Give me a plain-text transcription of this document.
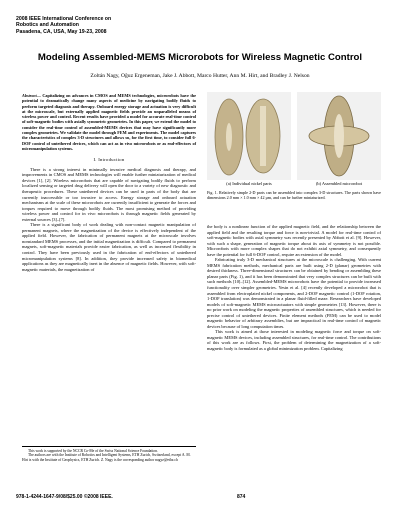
2008 IEEE International Conference on
Robotics and Automation
Pasadena, CA, USA, May 19-23, 2008
Modeling Assembled-MEMS Microrobots for Wireless Magnetic Control
Zoltán Nagy, Oğuz Ergeneman, Jake J. Abbott, Marco Hutter, Ann M. Hirt, and Bradley J. Nelson
Abstract— Capitalizing on advances in CMOS and MEMS technologies, microrobots have the potential to dramatically change many aspects of medicine by navigating bodily fluids to perform targeted diagnosis and therapy. Onboard energy storage and actuation is very difficult at the microscale, but externally applied magnetic fields provide an unparalleled means of wireless power and control. Recent results have provided a model for accurate real-time control of soft-magnetic bodies with axially symmetric geometries. In this paper, we extend the model to consider the real-time control of assembled-MEMS devices that may have significantly more complex geometries. We validate the model through FEM and experiments. The model captures the characteristics of complex 3-D structures and allows us, for the first time, to consider full 6-DOF control of untethered devices, which can act as in vivo microrobots or as end-effectors of micromanipulation systems.
I. Introduction

There is a strong interest in minimally invasive medical diagnosis and therapy, and improvements in CMOS and MEMS technologies will enable further miniaturization of medical devices [1], [2]. Wireless microrobots that are capable of navigating bodily fluids to perform localized sensing or targeted drug delivery will open the door to a variety of new diagnostic and therapeutic procedures. These untethered devices can be used in parts of the body that are currently inaccessible or too invasive to access. Energy storage and onboard actuation mechanisms at the scale of these microrobots are currently insufficient to generate the forces and torques required to move through bodily fluids. The most promising method of providing wireless power and control for in vivo microrobots is through magnetic fields generated by external sources [3]–[7].

There is a significant body of work dealing with non-contact magnetic manipulation of permanent magnets, where the magnetization of the device is effectively independent of the applied field. However, the fabrication of permanent magnets at the microscale involves nonstandard MEMS processes, and the initial magnetization is difficult. Compared to permanent magnets, soft-magnetic materials provide easier fabrication, as well as increased flexibility in control. They have been previously used in the fabrication of end-effectors of untethered micromanipulation systems [8]. In addition, they provide increased safety in biomedical applications as they are magnetically inert in the absence of magnetic fields. However, with soft-magnetic materials, the magnetization of

This work is supported by the NCCR Co-Me of the Swiss National Science Foundation.

The authors are with the Institute of Robotics and Intelligent Systems, ETH Zurich, Switzerland, except A. M. Hirt is with the Institute of Geophysics, ETH Zurich. Z. Nagy is the corresponding author nagyz@ethz.ch

(a) Individual nickel parts	(b) Assembled microrobot
Fig. 1. Relatively simple 2-D parts can be assembled into complex 3-D structures. The parts shown have dimensions 2.0 mm × 1.0 mm × 42 µm, and can be further miniaturized.

the body is a nonlinear function of the applied magnetic field, and the relationship between the applied field and the resulting torque and force is non-trivial. A model for real-time control of soft-magnetic bodies with axial symmetry was recently presented by Abbott et al. [9]. However, with such a shape, generation of magnetic torque about its axis of symmetry is not possible. Microrobots with more complex shapes that do not exhibit axial symmetry, and consequently have the potential for full 6-DOF control, require an extension of the model.

Fabricating truly 3-D mechanical structures at the microscale is challenging. With current MEMS fabrication methods, mechanical parts are built using 2-D (planar) geometries with desired thickness. Three-dimensional structures can be obtained by bending or assembling these planar parts (Fig. 1), and it has been demonstrated that very complex structures can be built with such methods [10]–[12]. Assembled-MEMS microrobots have the potential to provide increased functionality over simpler geometries. Yesin et al. [4] recently developed a microrobot that is assembled from electroplated nickel components, and 2-DOF magnetic control (1-DOF rotation, 1-DOF translation) was demonstrated in a planar fluid-filled maze. Researchers have developed models of soft-magnetic MEMS microactuators with simple geometries [13]. However, there is no prior work on modeling the magnetic properties of assembled structures, which is needed for precise control of untethered devices. Finite element methods (FEM) can be used to model magnetic behavior of arbitrary assemblies, but are impractical in real-time control of magnetic devices because of long computation times.

This work is aimed at those interested in modeling magnetic force and torque on soft-magnetic MEMS devices, including assembled structures, for real-time control. The contributions of this work are as follows. First, the problem of determining the magnetization of a soft-magnetic body is formulated as a global minimization problem. Capitalizing

978-1-4244-1647-9/08/$25.00 ©2008 IEEE.	874
